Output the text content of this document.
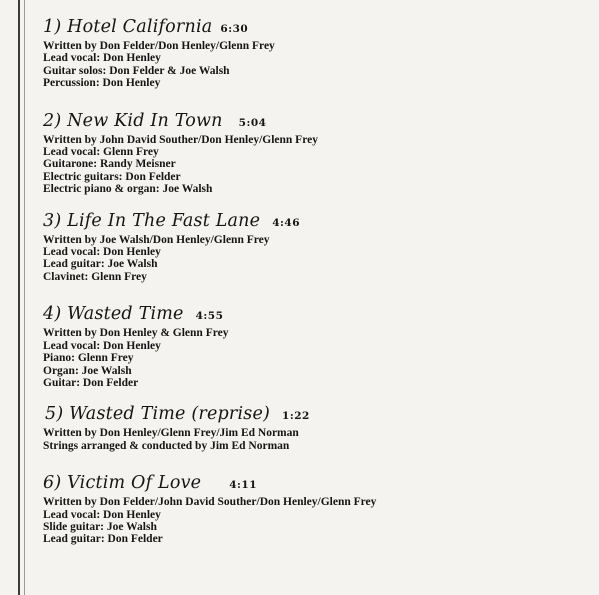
1) Hotel California 6:30
Written by Don Felder/Don Henley/Glenn Frey
Lead vocal: Don Henley
Guitar solos: Don Felder & Joe Walsh
Percussion: Don Henley
2) New Kid In Town 5:04
Written by John David Souther/Don Henley/Glenn Frey
Lead vocal: Glenn Frey
Guitarone: Randy Meisner
Electric guitars: Don Felder
Electric piano & organ: Joe Walsh
3) Life In The Fast Lane 4:46
Written by Joe Walsh/Don Henley/Glenn Frey
Lead vocal: Don Henley
Lead guitar: Joe Walsh
Clavinet: Glenn Frey
4) Wasted Time 4:55
Written by Don Henley & Glenn Frey
Lead vocal: Don Henley
Piano: Glenn Frey
Organ: Joe Walsh
Guitar: Don Felder
5) Wasted Time (reprise) 1:22
Written by Don Henley/Glenn Frey/Jim Ed Norman
Strings arranged & conducted by Jim Ed Norman
6) Victim Of Love	4:11
Written by Don Felder/John David Souther/Don Henley/Glenn Frey
Lead vocal: Don Henley
Slide guitar: Joe Walsh
Lead guitar: Don Felder
